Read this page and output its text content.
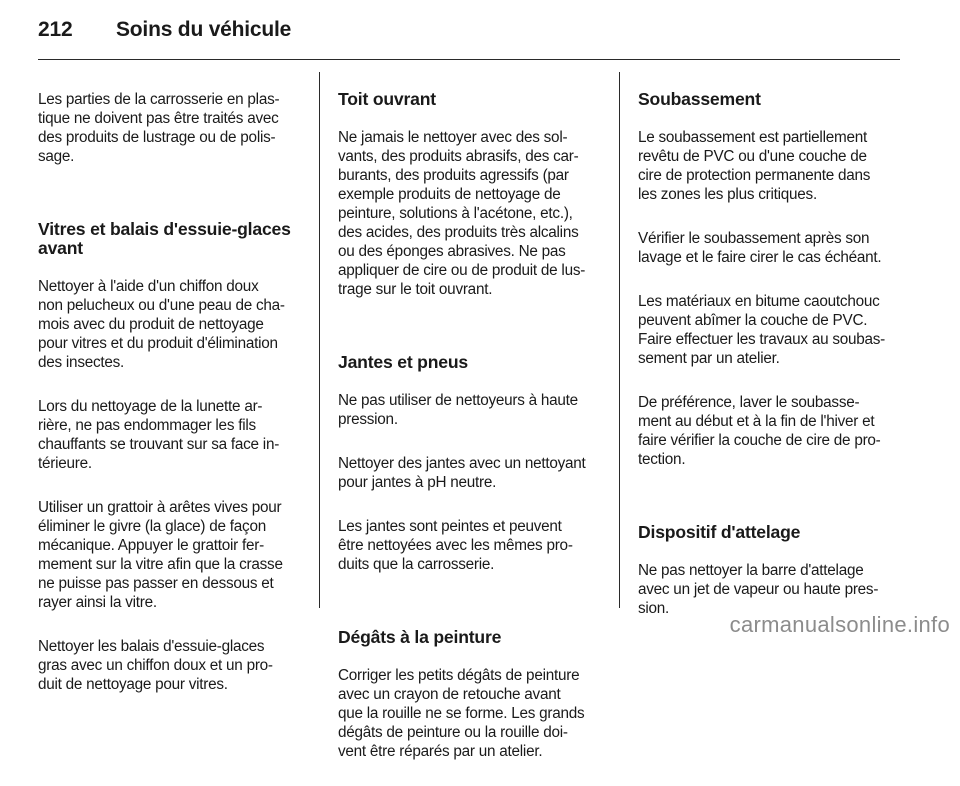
212 Soins du véhicule

Les parties de la carrosserie en plas-
tique ne doivent pas être traités avec
des produits de lustrage ou de polis-
sage.

Vitres et balais d'essuie-glaces
avant

Nettoyer à l'aide d'un chiffon doux
non pelucheux ou d'une peau de cha-
mois avec du produit de nettoyage
pour vitres et du produit d'élimination
des insectes.

Lors du nettoyage de la lunette ar-
rière, ne pas endommager les fils
chauffants se trouvant sur sa face in-
térieure.

Utiliser un grattoir à arêtes vives pour
éliminer le givre (la glace) de façon
mécanique. Appuyer le grattoir fer-
mement sur la vitre afin que la crasse
ne puisse pas passer en dessous et
rayer ainsi la vitre.

Nettoyer les balais d'essuie-glaces
gras avec un chiffon doux et un pro-
duit de nettoyage pour vitres.

Toit ouvrant

Ne jamais le nettoyer avec des sol-
vants, des produits abrasifs, des car-
burants, des produits agressifs (par
exemple produits de nettoyage de
peinture, solutions à l'acétone, etc.),
des acides, des produits très alcalins
ou des éponges abrasives. Ne pas
appliquer de cire ou de produit de lus-
trage sur le toit ouvrant.

Jantes et pneus

Ne pas utiliser de nettoyeurs à haute
pression.

Nettoyer des jantes avec un nettoyant
pour jantes à pH neutre.

Les jantes sont peintes et peuvent
être nettoyées avec les mêmes pro-
duits que la carrosserie.

Dégâts à la peinture

Corriger les petits dégâts de peinture
avec un crayon de retouche avant
que la rouille ne se forme. Les grands
dégâts de peinture ou la rouille doi-
vent être réparés par un atelier.

Soubassement

Le soubassement est partiellement
revêtu de PVC ou d'une couche de
cire de protection permanente dans
les zones les plus critiques.

Vérifier le soubassement après son
lavage et le faire cirer le cas échéant.

Les matériaux en bitume caoutchouc
peuvent abîmer la couche de PVC.
Faire effectuer les travaux au soubas-
sement par un atelier.

De préférence, laver le soubasse-
ment au début et à la fin de l'hiver et
faire vérifier la couche de cire de pro-
tection.

Dispositif d'attelage

Ne pas nettoyer la barre d'attelage
avec un jet de vapeur ou haute pres-
sion.

carmanualsonline.info
